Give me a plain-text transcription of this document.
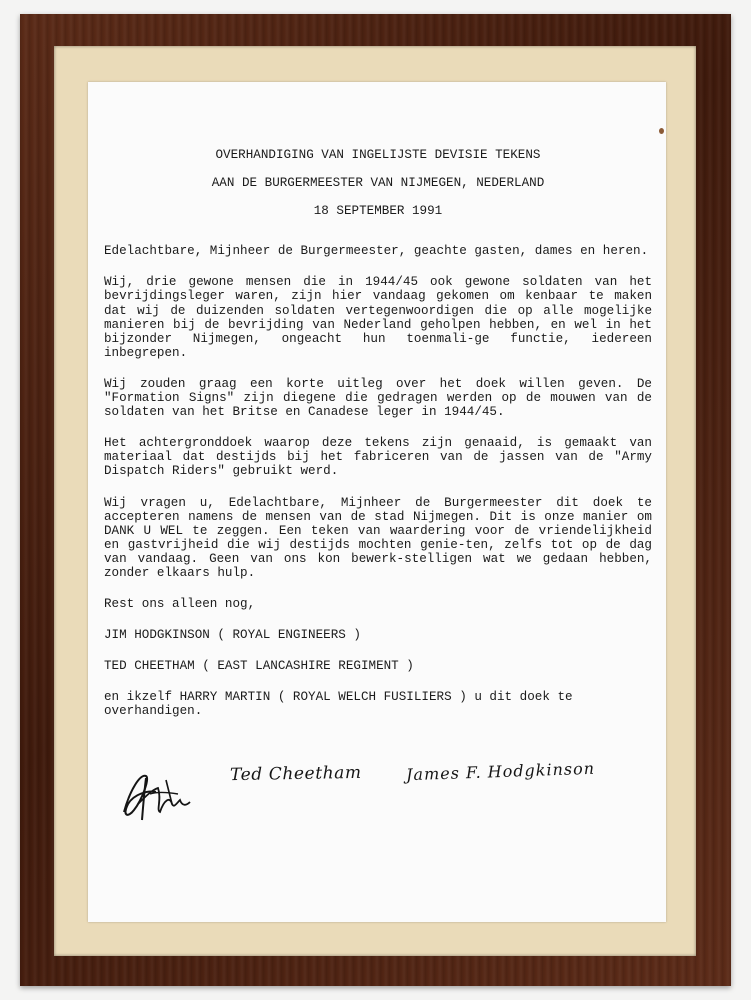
OVERHANDIGING VAN INGELIJSTE DEVISIE TEKENS

AAN DE BURGERMEESTER VAN NIJMEGEN, NEDERLAND

18 SEPTEMBER 1991

Edelachtbare, Mijnheer de Burgermeester, geachte gasten, dames en heren.

Wij, drie gewone mensen die in 1944/45 ook gewone soldaten van het bevrijdingsleger waren, zijn hier vandaag gekomen om kenbaar te maken dat wij de duizenden soldaten vertegenwoordigen die op alle mogelijke manieren bij de bevrijding van Nederland geholpen hebben, en wel in het bijzonder Nijmegen, ongeacht hun toenmali-ge functie, iedereen inbegrepen.

Wij zouden graag een korte uitleg over het doek willen geven. De "Formation Signs" zijn diegene die gedragen werden op de mouwen van de soldaten van het Britse en Canadese leger in 1944/45.

Het achtergronddoek waarop deze tekens zijn genaaid, is gemaakt van materiaal dat destijds bij het fabriceren van de jassen van de "Army Dispatch Riders" gebruikt werd.

Wij vragen u, Edelachtbare, Mijnheer de Burgermeester dit doek te accepteren namens de mensen van de stad Nijmegen. Dit is onze manier om DANK U WEL te zeggen. Een teken van waardering voor de vriendelijkheid en gastvrijheid die wij destijds mochten genie-ten, zelfs tot op de dag van vandaag. Geen van ons kon bewerk-stelligen wat we gedaan hebben, zonder elkaars hulp.

Rest ons alleen nog,

JIM HODGKINSON ( ROYAL ENGINEERS )

TED CHEETHAM ( EAST LANCASHIRE REGIMENT )

en ikzelf HARRY MARTIN ( ROYAL WELCH FUSILIERS ) u dit doek te overhandigen.

Ted Cheetham	James F. Hodgkinson
